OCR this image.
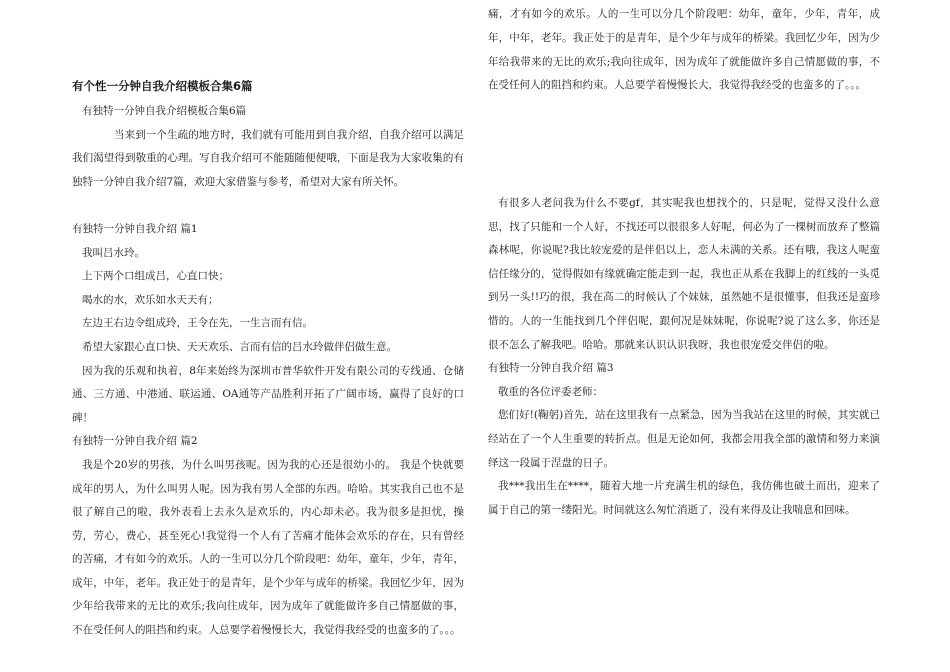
有个性一分钟自我介绍模板合集6篇

有独特一分钟自我介绍模板合集6篇

当来到一个生疏的地方时，我们就有可能用到自我介绍，自我介绍可以满足我们渴望得到敬重的心理。写自我介绍可不能随随便便哦，下面是我为大家收集的有独特一分钟自我介绍7篇，欢迎大家借鉴与参考，希望对大家有所关怀。

有独特一分钟自我介绍 篇1

我叫吕水玲。

上下两个口组成吕，心直口快；

喝水的水，欢乐如水天天有；

左边王右边令组成玲，王令在先，一生言而有信。

希望大家跟心直口快、天天欢乐、言而有信的吕水玲做伴侣做生意。

因为我的乐观和执着，8年来始终为深圳市普华软件开发有限公司的专线通、仓储通、三方通、中港通、联运通、OA通等产品胜利开拓了广阔市场，赢得了良好的口碑！

有独特一分钟自我介绍 篇2

我是个20岁的男孩，为什么叫男孩呢。因为我的心还是很幼小的。 我是个快就要成年的男人，为什么叫男人呢。因为我有男人全部的东西。哈哈。其实我自己也不是很了解自己的啦，我外表看上去永久是欢乐的，内心却未必。我为很多是担忧，操劳，劳心，费心，甚至死心!我觉得一个人有了苦痛才能体会欢乐的存在，只有曾经的苦痛，才有如今的欢乐。人的一生可以分几个阶段吧：幼年，童年，少年，青年，成年，中年，老年。我正处于的是青年，是个少年与成年的桥梁。我回忆少年，因为少年给我带来的无比的欢乐;我向往成年，因为成年了就能做许多自己情愿做的事，不在受任何人的阻挡和约束。人总要学着慢慢长大，我觉得我经受的也蛮多的了。。。

痛，才有如今的欢乐。人的一生可以分几个阶段吧：幼年，童年，少年，青年，成年，中年，老年。我正处于的是青年，是个少年与成年的桥梁。我回忆少年，因为少年给我带来的无比的欢乐;我向往成年，因为成年了就能做许多自己情愿做的事，不在受任何人的阻挡和约束。人总要学着慢慢长大，我觉得我经受的也蛮多的了。。。

有很多人老问我为什么不要gf，其实呢我也想找个的，只是呢，觉得又没什么意思，找了只能和一个人好，不找还可以很很多人好呢，何必为了一棵树而放弃了整篇森林呢，你说呢?我比较宠爱的是伴侣以上，恋人未满的关系。还有哦，我这人呢蛮信任缘分的，觉得假如有缘就确定能走到一起，我也正从系在我脚上的红线的一头觅到另一头!!巧的很，我在高二的时候认了个妹妹，虽然她不是很懂事，但我还是蛮珍惜的。人的一生能找到几个伴侣呢，跟何况是妹妹呢，你说呢?说了这么多，你还是很不怎么了解我吧。哈哈。那就来认识认识我呀，我也很宠爱交伴侣的啦。

有独特一分钟自我介绍 篇3

敬重的各位评委老师：

您们好!(鞠躬)首先，站在这里我有一点紧急，因为当我站在这里的时候，其实就已经站在了一个人生重要的转折点。但是无论如何，我都会用我全部的激情和努力来演绎这一段属于涅盘的日子。

我***我出生在****，随着大地一片充满生机的绿色，我仿佛也破土而出，迎来了属于自己的第一缕阳光。时间就这么匆忙消逝了，没有来得及让我喘息和回味。
